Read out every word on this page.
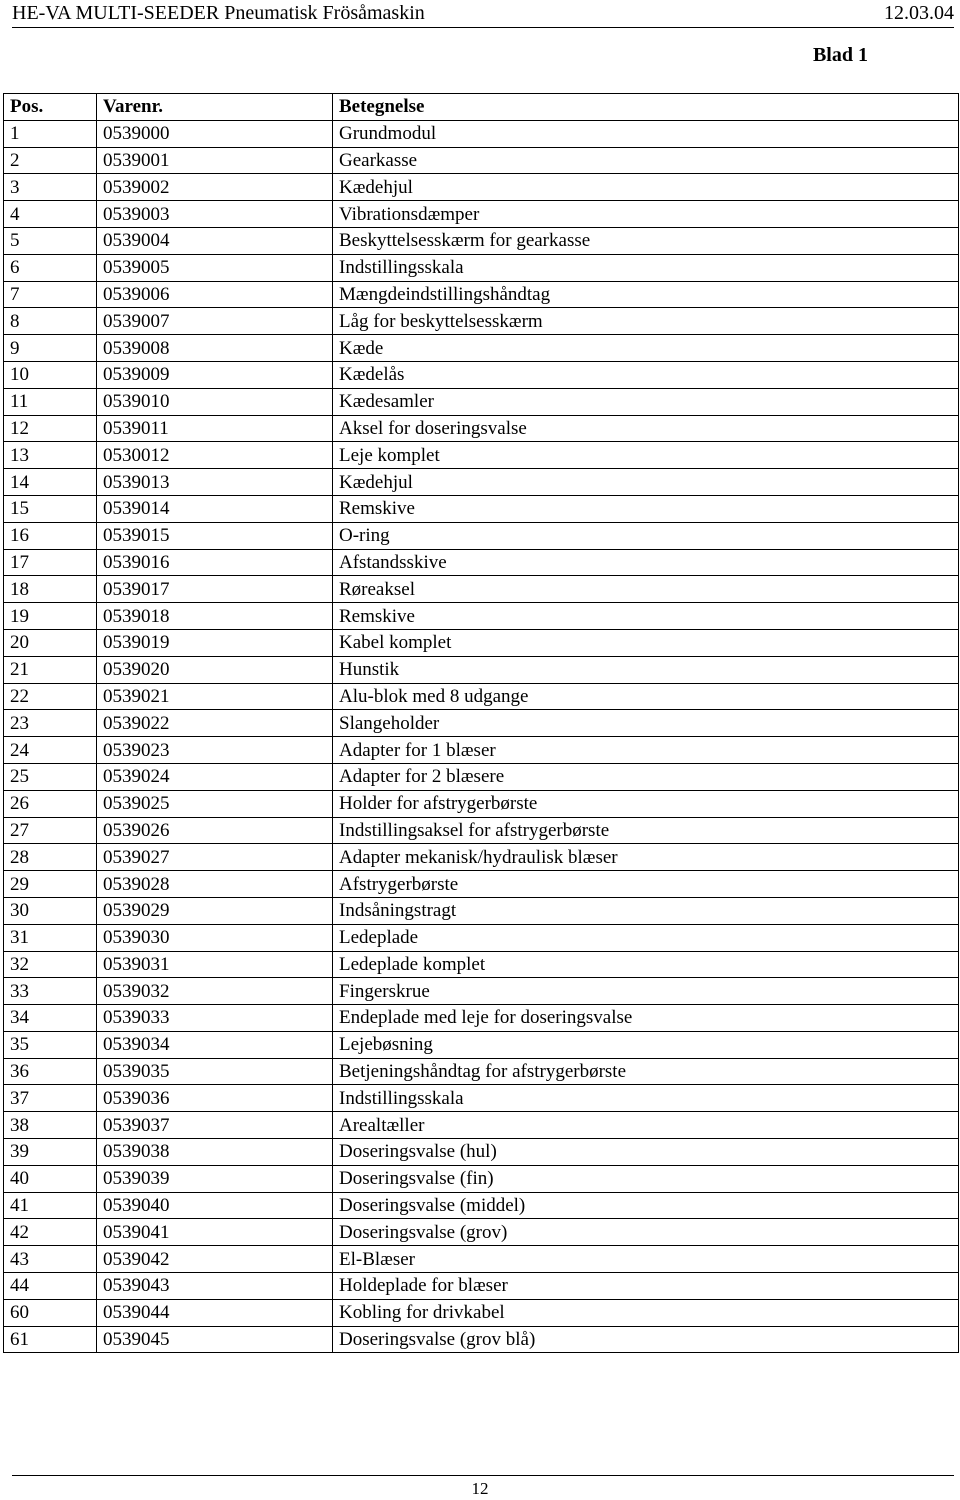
HE-VA MULTI-SEEDER Pneumatisk Frösåmaskin	12.03.04
Blad 1
Pos.	Varenr.	Betegnelse
1	0539000	Grundmodul
2	0539001	Gearkasse
3	0539002	Kædehjul
4	0539003	Vibrationsdæmper
5	0539004	Beskyttelsesskærm for gearkasse
6	0539005	Indstillingsskala
7	0539006	Mængdeindstillingshåndtag
8	0539007	Låg for beskyttelsesskærm
9	0539008	Kæde
10	0539009	Kædelås
11	0539010	Kædesamler
12	0539011	Aksel for doseringsvalse
13	0530012	Leje komplet
14	0539013	Kædehjul
15	0539014	Remskive
16	0539015	O-ring
17	0539016	Afstandsskive
18	0539017	Røreaksel
19	0539018	Remskive
20	0539019	Kabel komplet
21	0539020	Hunstik
22	0539021	Alu-blok med 8 udgange
23	0539022	Slangeholder
24	0539023	Adapter for 1 blæser
25	0539024	Adapter for 2 blæsere
26	0539025	Holder for afstrygerbørste
27	0539026	Indstillingsaksel for afstrygerbørste
28	0539027	Adapter mekanisk/hydraulisk blæser
29	0539028	Afstrygerbørste
30	0539029	Indsåningstragt
31	0539030	Ledeplade
32	0539031	Ledeplade komplet
33	0539032	Fingerskrue
34	0539033	Endeplade med leje for doseringsvalse
35	0539034	Lejebøsning
36	0539035	Betjeningshåndtag for afstrygerbørste
37	0539036	Indstillingsskala
38	0539037	Arealtæller
39	0539038	Doseringsvalse (hul)
40	0539039	Doseringsvalse (fin)
41	0539040	Doseringsvalse (middel)
42	0539041	Doseringsvalse (grov)
43	0539042	El-Blæser
44	0539043	Holdeplade for blæser
60	0539044	Kobling for drivkabel
61	0539045	Doseringsvalse (grov blå)
12
